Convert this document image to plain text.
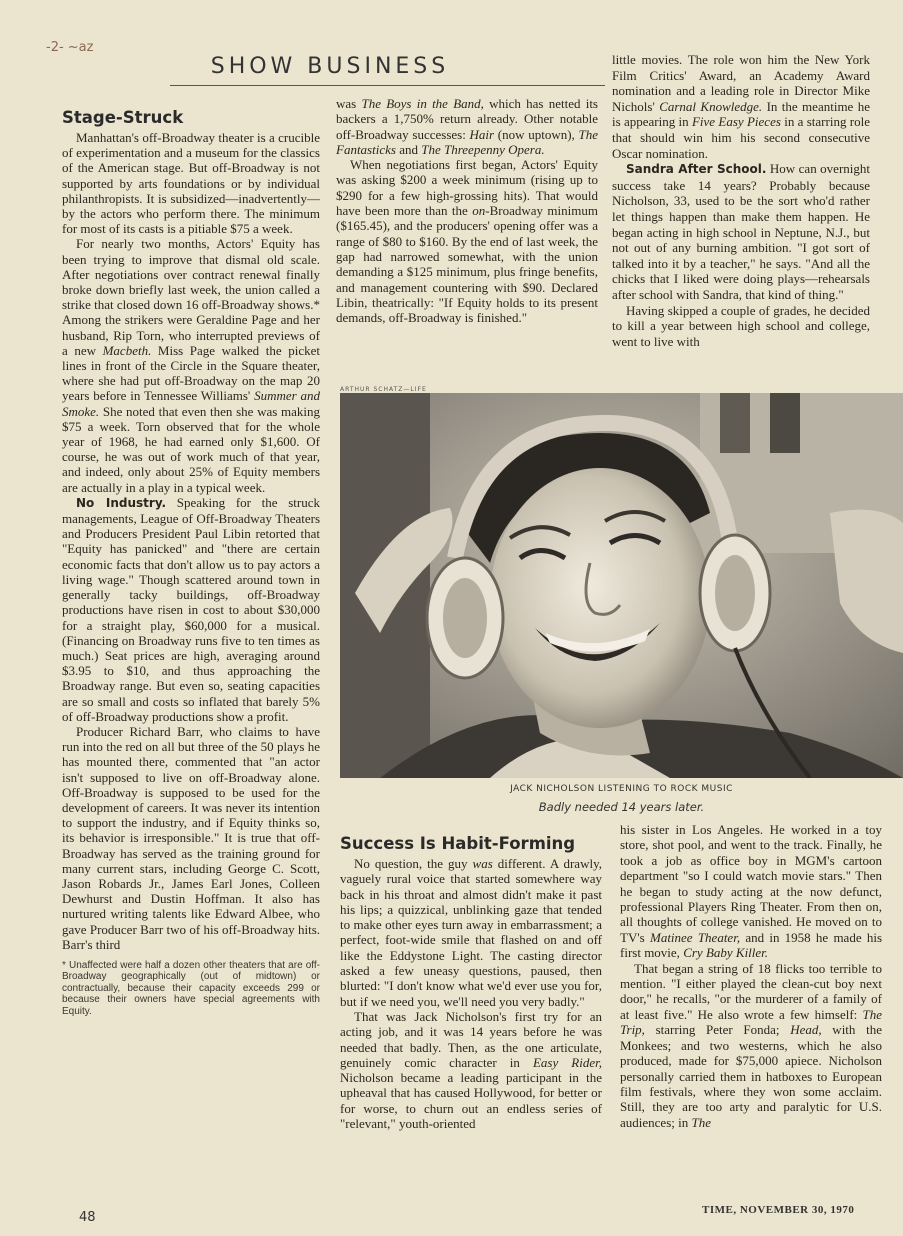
-2- ~az
SHOW BUSINESS
Stage-Struck

Manhattan's off-Broadway theater is a crucible of experimentation and a museum for the classics of the American stage. But off-Broadway is not supported by arts foundations or by individual philanthropists. It is subsidized—inadvertently—by the actors who perform there. The minimum for most of its casts is a pitiable $75 a week.

For nearly two months, Actors' Equity has been trying to improve that dismal old scale. After negotiations over contract renewal finally broke down briefly last week, the union called a strike that closed down 16 off-Broadway shows.* Among the strikers were Geraldine Page and her husband, Rip Torn, who interrupted previews of a new Macbeth. Miss Page walked the picket lines in front of the Circle in the Square theater, where she had put off-Broadway on the map 20 years before in Tennessee Williams' Summer and Smoke. She noted that even then she was making $75 a week. Torn observed that for the whole year of 1968, he had earned only $1,600. Of course, he was out of work much of that year, and indeed, only about 25% of Equity members are actually in a play in a typical week.

No Industry. Speaking for the struck managements, League of Off-Broadway Theaters and Producers President Paul Libin retorted that "Equity has panicked" and "there are certain economic facts that don't allow us to pay actors a living wage." Though scattered around town in generally tacky buildings, off-Broadway productions have risen in cost to about $30,000 for a straight play, $60,000 for a musical. (Financing on Broadway runs five to ten times as much.) Seat prices are high, averaging around $3.95 to $10, and thus approaching the Broadway range. But even so, seating capacities are so small and costs so inflated that barely 5% of off-Broadway productions show a profit.

Producer Richard Barr, who claims to have run into the red on all but three of the 50 plays he has mounted there, commented that "an actor isn't supposed to live on off-Broadway alone. Off-Broadway is supposed to be used for the development of careers. It was never its intention to support the industry, and if Equity thinks so, its behavior is irresponsible." It is true that off-Broadway has served as the training ground for many current stars, including George C. Scott, Jason Robards Jr., James Earl Jones, Colleen Dewhurst and Dustin Hoffman. It also has nurtured writing talents like Edward Albee, who gave Producer Barr two of his off-Broadway hits. Barr's third

* Unaffected were half a dozen other theaters that are off-Broadway geographically (out of midtown) or contractually, because their capacity exceeds 299 or because their owners have special agreements with Equity.

was The Boys in the Band, which has netted its backers a 1,750% return already. Other notable off-Broadway successes: Hair (now uptown), The Fantasticks and The Threepenny Opera.

When negotiations first began, Actors' Equity was asking $200 a week minimum (rising up to $290 for a few high-grossing hits). That would have been more than the on-Broadway minimum ($165.45), and the producers' opening offer was a range of $80 to $160. By the end of last week, the gap had narrowed somewhat, with the union demanding a $125 minimum, plus fringe benefits, and management countering with $90. Declared Libin, theatrically: "If Equity holds to its present demands, off-Broadway is finished."

little movies. The role won him the New York Film Critics' Award, an Academy Award nomination and a leading role in Director Mike Nichols' Carnal Knowledge. In the meantime he is appearing in Five Easy Pieces in a starring role that should win him his second consecutive Oscar nomination.

Sandra After School. How can overnight success take 14 years? Probably because Nicholson, 33, used to be the sort who'd rather let things happen than make them happen. He began acting in high school in Neptune, N.J., but not out of any burning ambition. "I got sort of talked into it by a teacher," he says. "And all the chicks that I liked were doing plays—rehearsals after school with Sandra, that kind of thing."

Having skipped a couple of grades, he decided to kill a year between high school and college, went to live with

ARTHUR SCHATZ—LIFE
JACK NICHOLSON LISTENING TO ROCK MUSIC
Badly needed 14 years later.
Success Is Habit-Forming

No question, the guy was different. A drawly, vaguely rural voice that started somewhere way back in his throat and almost didn't make it past his lips; a quizzical, unblinking gaze that tended to make other eyes turn away in embarrassment; a perfect, foot-wide smile that flashed on and off like the Eddystone Light. The casting director asked a few uneasy questions, paused, then blurted: "I don't know what we'd ever use you for, but if we need you, we'll need you very badly."

That was Jack Nicholson's first try for an acting job, and it was 14 years before he was needed that badly. Then, as the one articulate, genuinely comic character in Easy Rider, Nicholson became a leading participant in the upheaval that has caused Hollywood, for better or for worse, to churn out an endless series of "relevant," youth-oriented

his sister in Los Angeles. He worked in a toy store, shot pool, and went to the track. Finally, he took a job as office boy in MGM's cartoon department "so I could watch movie stars." Then he began to study acting at the now defunct, professional Players Ring Theater. From then on, all thoughts of college vanished. He moved on to TV's Matinee Theater, and in 1958 he made his first movie, Cry Baby Killer.

That began a string of 18 flicks too terrible to mention. "I either played the clean-cut boy next door," he recalls, "or the murderer of a family of at least five." He also wrote a few himself: The Trip, starring Peter Fonda; Head, with the Monkees; and two westerns, which he also produced, made for $75,000 apiece. Nicholson personally carried them in hatboxes to European film festivals, where they won some acclaim. Still, they are too arty and paralytic for U.S. audiences; in The

48	TIME, NOVEMBER 30, 1970
